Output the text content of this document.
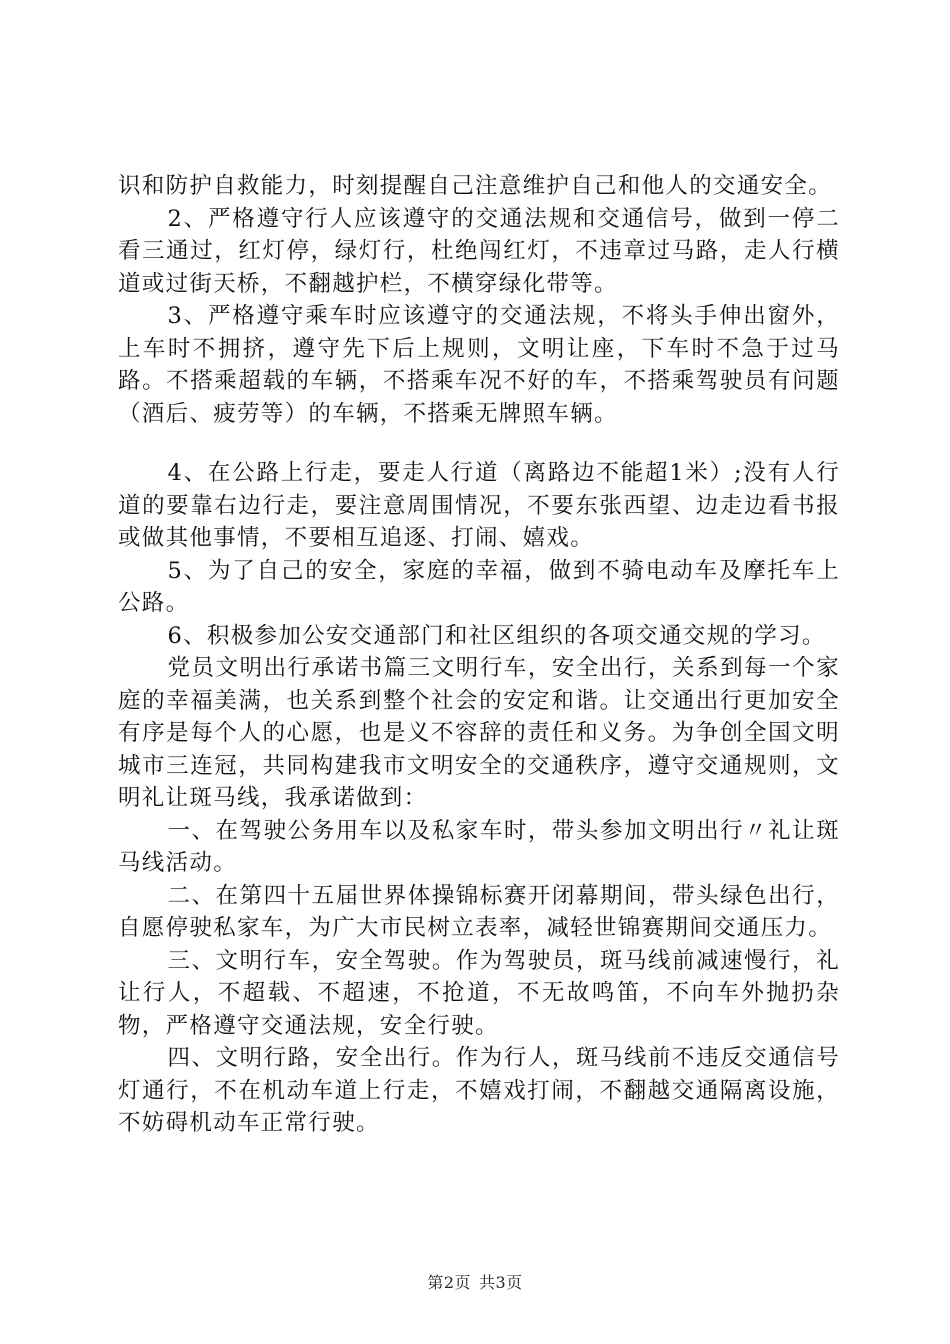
识和防护自救能力，时刻提醒自己注意维护自己和他人的交通安全。

2、严格遵守行人应该遵守的交通法规和交通信号，做到一停二看三通过，红灯停，绿灯行，杜绝闯红灯，不违章过马路，走人行横道或过街天桥，不翻越护栏，不横穿绿化带等。

3、严格遵守乘车时应该遵守的交通法规，不将头手伸出窗外，上车时不拥挤，遵守先下后上规则，文明让座，下车时不急于过马路。不搭乘超载的车辆，不搭乘车况不好的车，不搭乘驾驶员有问题（酒后、疲劳等）的车辆，不搭乘无牌照车辆。

4、在公路上行走，要走人行道（离路边不能超1米）;没有人行道的要靠右边行走，要注意周围情况，不要东张西望、边走边看书报或做其他事情，不要相互追逐、打闹、嬉戏。

5、为了自己的安全，家庭的幸福，做到不骑电动车及摩托车上公路。

6、积极参加公安交通部门和社区组织的各项交通交规的学习。

党员文明出行承诺书篇三文明行车，安全出行，关系到每一个家庭的幸福美满，也关系到整个社会的安定和谐。让交通出行更加安全有序是每个人的心愿，也是义不容辞的责任和义务。为争创全国文明城市三连冠，共同构建我市文明安全的交通秩序，遵守交通规则，文明礼让斑马线，我承诺做到：

一、在驾驶公务用车以及私家车时，带头参加文明出行〃礼让斑马线活动。

二、在第四十五届世界体操锦标赛开闭幕期间，带头绿色出行，自愿停驶私家车，为广大市民树立表率，减轻世锦赛期间交通压力。

三、文明行车，安全驾驶。作为驾驶员，斑马线前减速慢行，礼让行人，不超载、不超速，不抢道，不无故鸣笛，不向车外抛扔杂物，严格遵守交通法规，安全行驶。

四、文明行路，安全出行。作为行人，斑马线前不违反交通信号灯通行，不在机动车道上行走，不嬉戏打闹，不翻越交通隔离设施，不妨碍机动车正常行驶。

第2页 共3页
